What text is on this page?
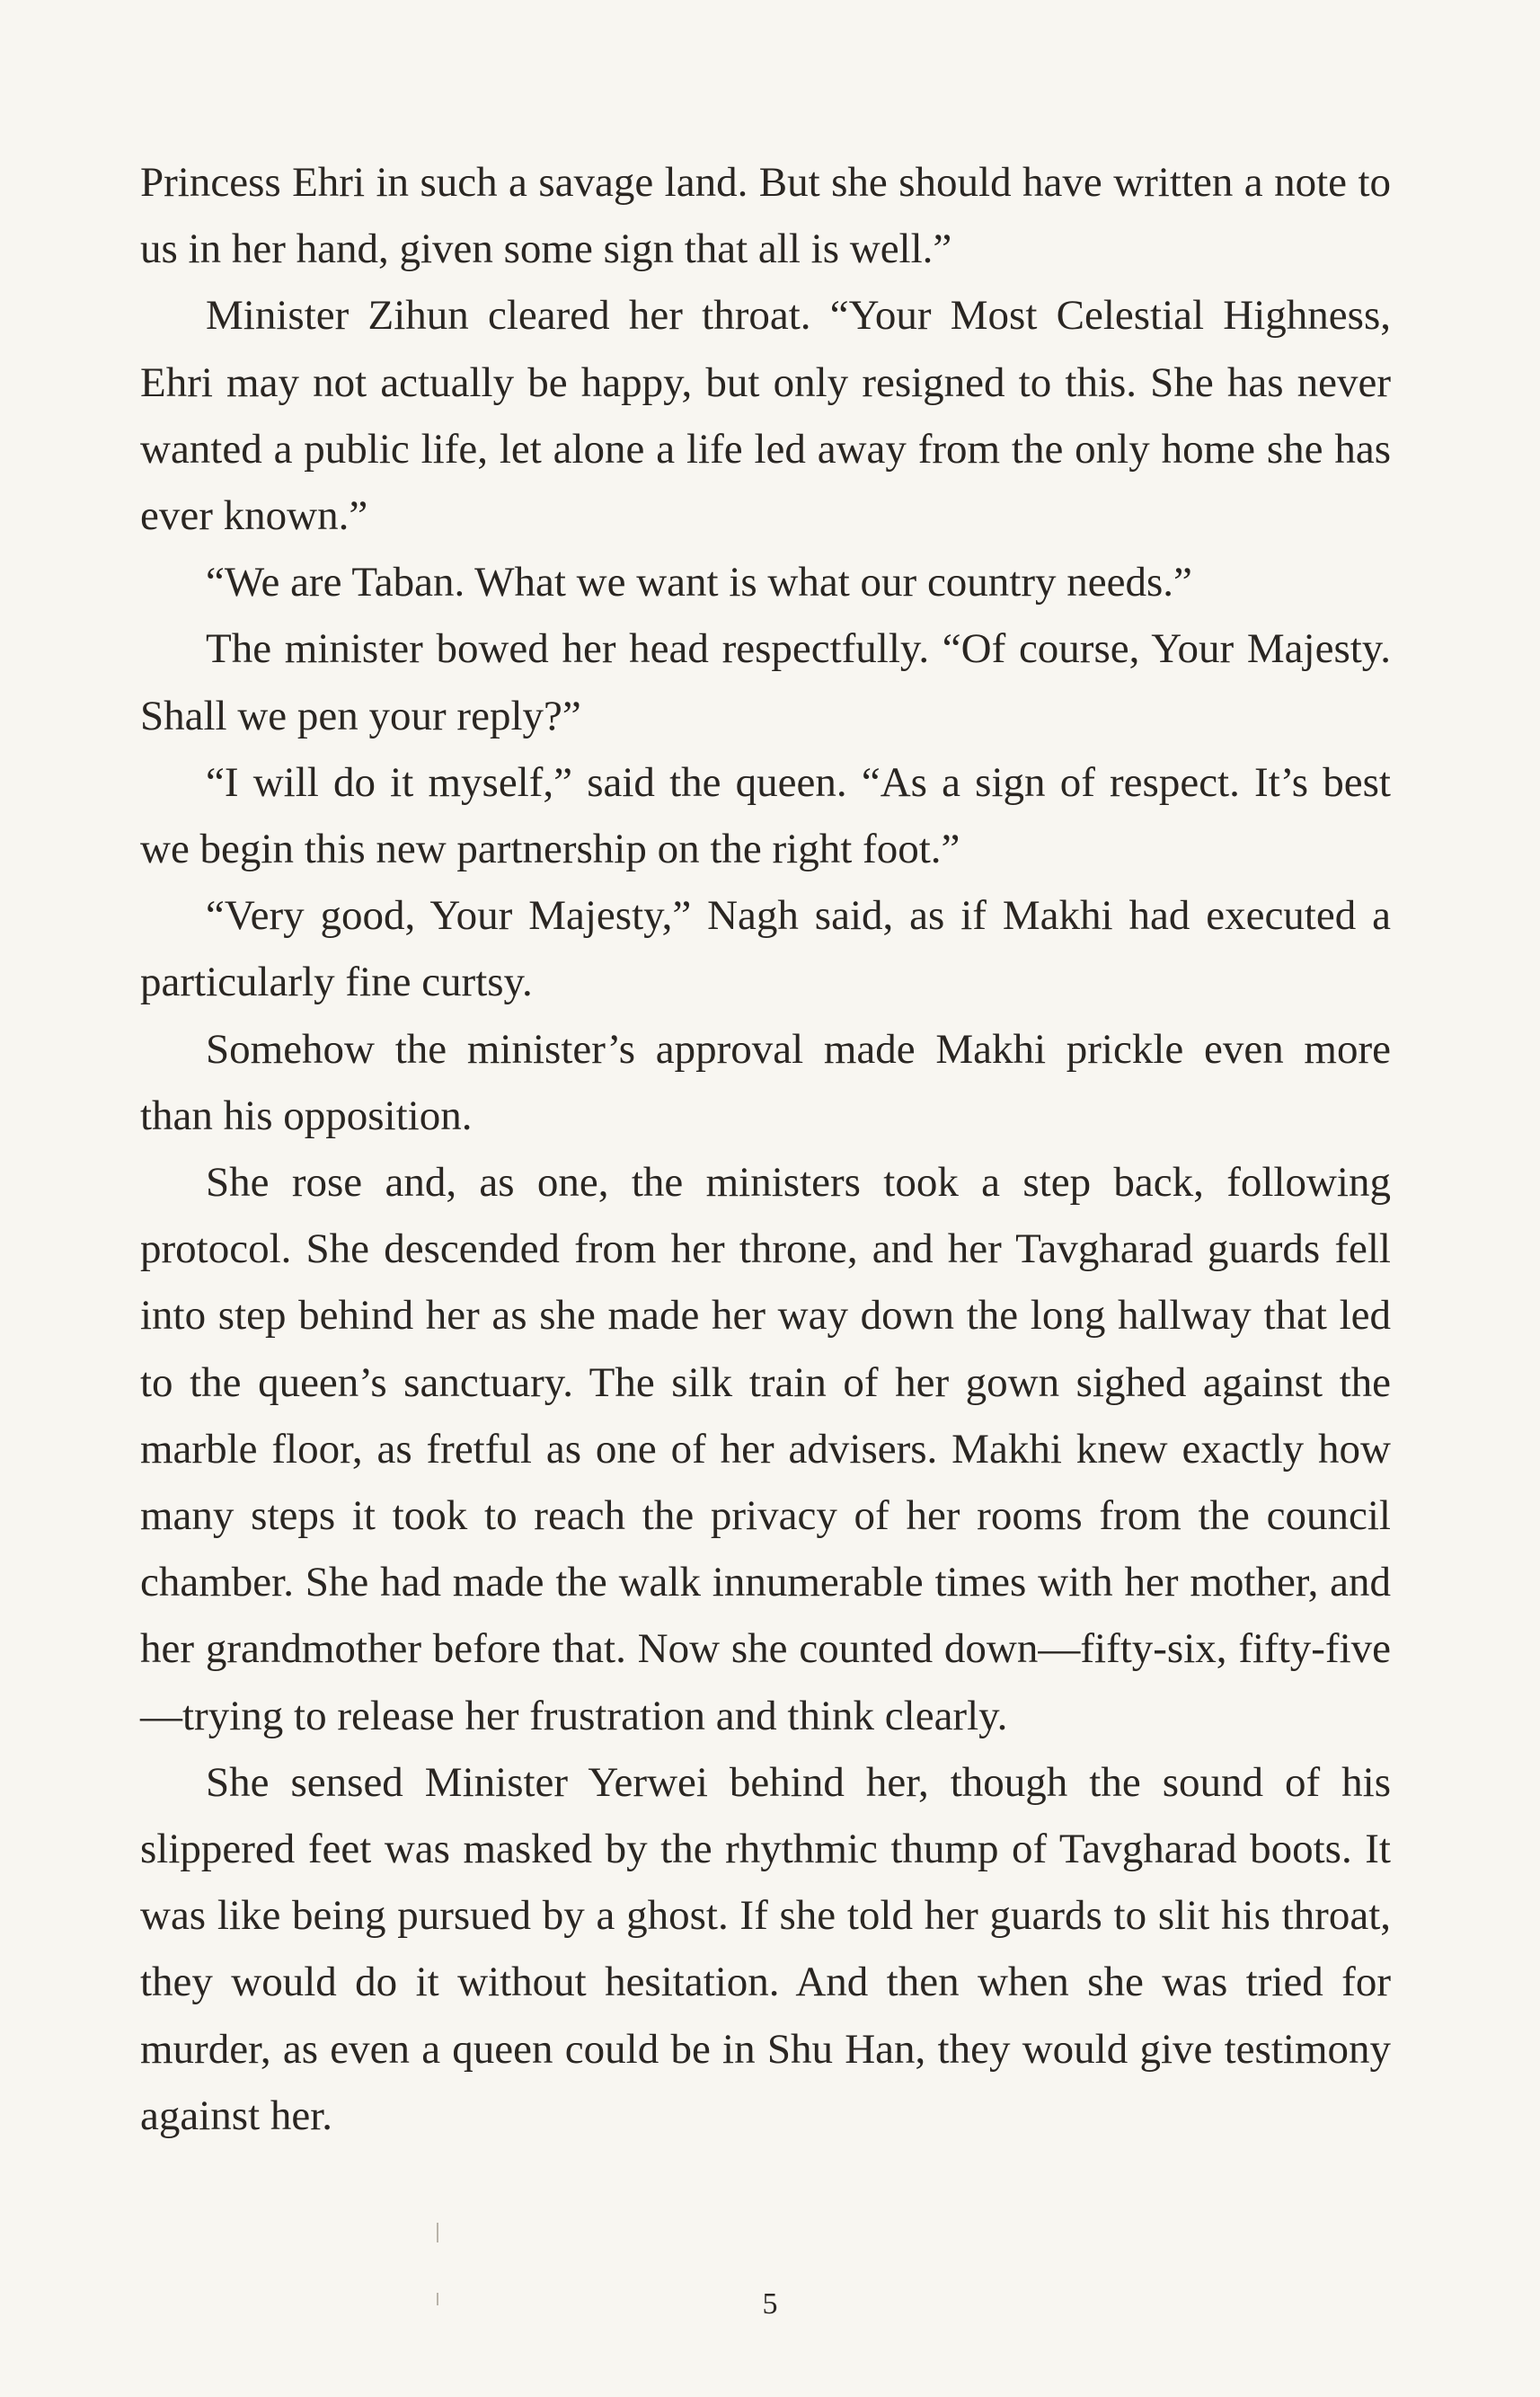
Princess Ehri in such a savage land. But she should have written a note to us in her hand, given some sign that all is well.”

Minister Zihun cleared her throat. “Your Most Celestial Highness, Ehri may not actually be happy, but only resigned to this. She has never wanted a public life, let alone a life led away from the only home she has ever known.”

“We are Taban. What we want is what our country needs.”

The minister bowed her head respectfully. “Of course, Your Majesty. Shall we pen your reply?”

“I will do it myself,” said the queen. “As a sign of respect. It’s best we begin this new partnership on the right foot.”

“Very good, Your Majesty,” Nagh said, as if Makhi had executed a particularly fine curtsy.

Somehow the minister’s approval made Makhi prickle even more than his opposition.

She rose and, as one, the ministers took a step back, following protocol. She descended from her throne, and her Tavgharad guards fell into step behind her as she made her way down the long hallway that led to the queen’s sanctuary. The silk train of her gown sighed against the marble floor, as fretful as one of her advisers. Makhi knew exactly how many steps it took to reach the privacy of her rooms from the council chamber. She had made the walk innumerable times with her mother, and her grandmother before that. Now she counted down—fifty-six, fifty-five—trying to release her frustration and think clearly.

She sensed Minister Yerwei behind her, though the sound of his slippered feet was masked by the rhythmic thump of Tavgharad boots. It was like being pursued by a ghost. If she told her guards to slit his throat, they would do it without hesitation. And then when she was tried for murder, as even a queen could be in Shu Han, they would give testimony against her.

5
